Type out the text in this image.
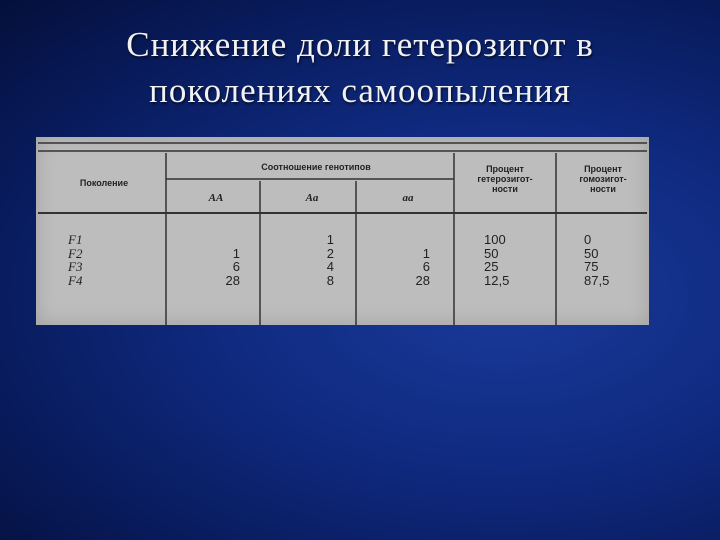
Снижение доли гетерозигот в
поколениях самоопыления
Поколение
Соотношение генотипов
AA	Aa	aa
Процент
гетерозигот-
ности
Процент
гомозигот-
ности
F1
F2
F3
F4

1
6
28
1
2
4
8

1
6
28
100
50
25
12,5
0
50
75
87,5
